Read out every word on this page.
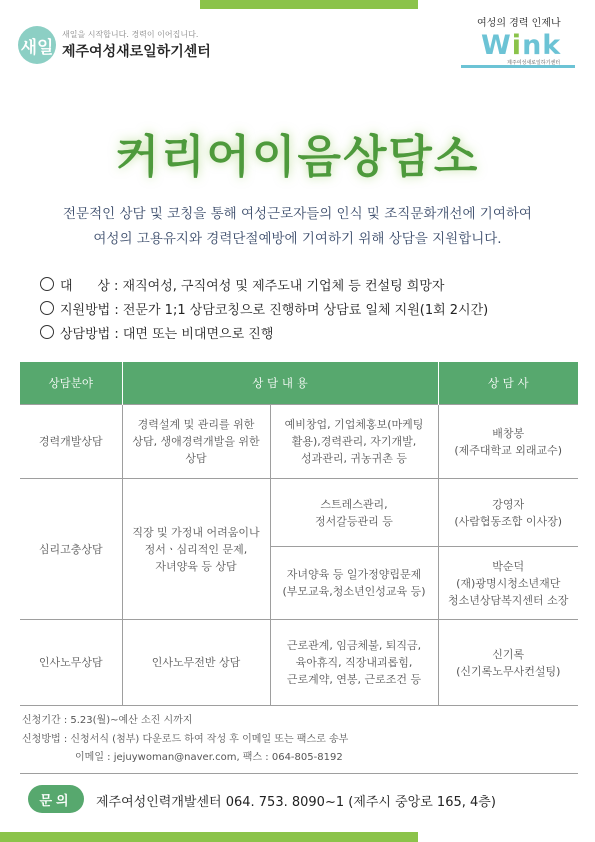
새일
새일을 시작합니다. 경력이 이어집니다.
제주여성새로일하기센터
여성의 경력 인제나
Wink
제주여성새로일하기센터
커리어이음상담소
전문적인 상담 및 코칭을 통해 여성근로자들의 인식 및 조직문화개선에 기여하여
여성의 고용유지와 경력단절예방에 기여하기 위해 상담을 지원합니다.
대      상 : 재직여성, 구직여성 및 제주도내 기업체 등 컨설팅 희망자
지원방법 : 전문가 1;1 상담코칭으로 진행하며 상담료 일체 지원(1회 2시간)
상담방법 : 대면 또는 비대면으로 진행
상담분야	상 담 내 용		상 담 사
경력개발상담	경력설계 및 관리를 위한
상담, 생애경력개발을 위한
상담	예비창업, 기업체홍보(마케팅
활용),경력관리, 자기개발,
성과관리, 귀농귀촌 등	배창봉
(제주대학교 외래교수)
심리고충상담	직장 및 가정내 어려움이나
정서ㆍ심리적인 문제,
자녀양육 등 상담	스트레스관리,
정서갈등관리 등	강영자
(사람협동조합 이사장)
		자녀양육 등 일가정양립문제
(부모교육,청소년인성교육 등)	박순덕
(재)광명시청소년재단
청소년상담복지센터 소장
인사노무상담	인사노무전반 상담	근로관계, 임금체불, 퇴직금,
육아휴직, 직장내괴롭힘,
근로계약, 연봉, 근로조건 등	신기록
(신기록노무사컨설팅)
신청기간 : 5.23(월)~예산 소진 시까지
신청방법 : 신청서식 (첨부) 다운로드 하여 작성 후 이메일 또는 팩스로 송부
이메일 : jejuywoman@naver.com, 팩스 : 064-805-8192
문의	제주여성인력개발센터 064. 753. 8090~1 (제주시 중앙로 165, 4층)
